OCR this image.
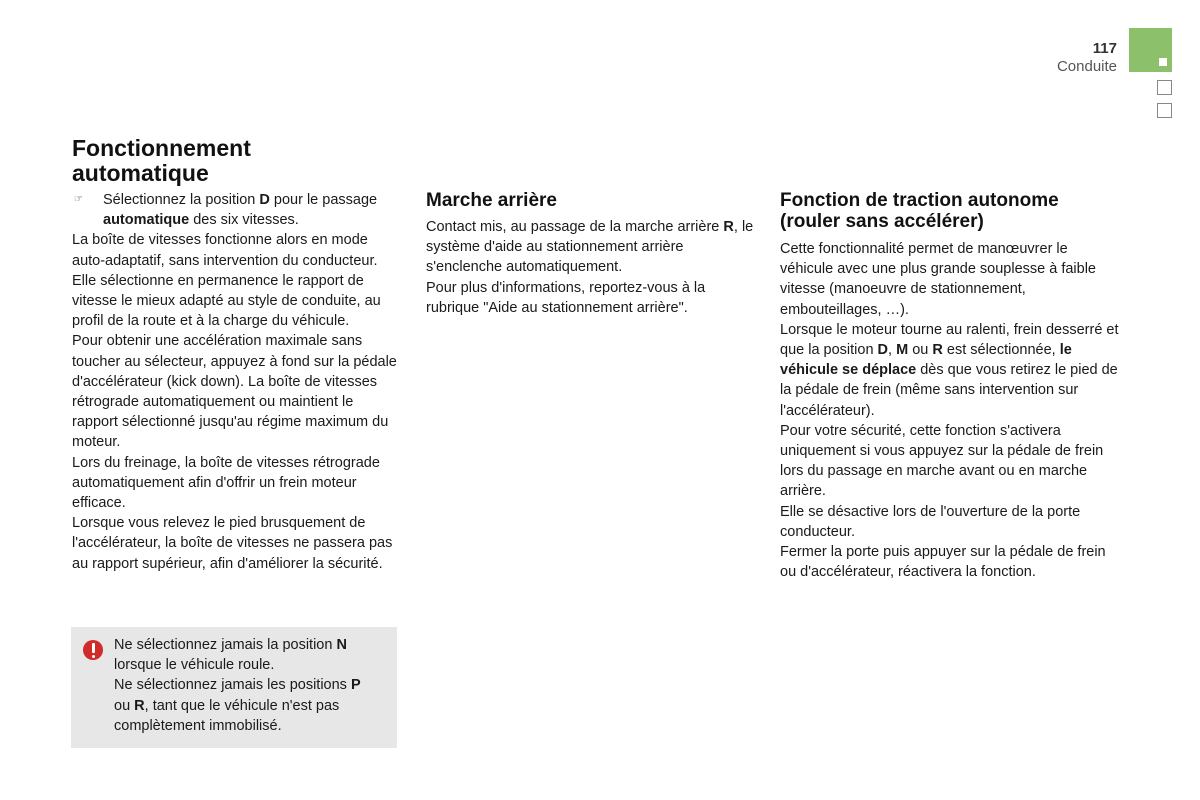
117
Conduite
Fonctionnement
automatique
☞	Sélectionnez la position D pour le passage automatique des six vitesses.

La boîte de vitesses fonctionne alors en mode auto-adaptatif, sans intervention du conducteur. Elle sélectionne en permanence le rapport de vitesse le mieux adapté au style de conduite, au profil de la route et à la charge du véhicule.

Pour obtenir une accélération maximale sans toucher au sélecteur, appuyez à fond sur la pédale d'accélérateur (kick down). La boîte de vitesses rétrograde automatiquement ou maintient le rapport sélectionné jusqu'au régime maximum du moteur.

Lors du freinage, la boîte de vitesses rétrograde automatiquement afin d'offrir un frein moteur efficace.

Lorsque vous relevez le pied brusquement de l'accélérateur, la boîte de vitesses ne passera pas au rapport supérieur, afin d'améliorer la sécurité.

Ne sélectionnez jamais la position N
lorsque le véhicule roule.
Ne sélectionnez jamais les positions P
ou R, tant que le véhicule n'est pas complètement immobilisé.
Marche arrière

Contact mis, au passage de la marche arrière R, le système d'aide au stationnement arrière s'enclenche automatiquement.

Pour plus d'informations, reportez-vous à la rubrique "Aide au stationnement arrière".

Fonction de traction autonome
(rouler sans accélérer)

Cette fonctionnalité permet de manœuvrer le véhicule avec une plus grande souplesse à faible vitesse (manoeuvre de stationnement, embouteillages, …).

Lorsque le moteur tourne au ralenti, frein desserré et que la position D, M ou R est sélectionnée, le véhicule se déplace dès que vous retirez le pied de la pédale de frein (même sans intervention sur l'accélérateur).

Pour votre sécurité, cette fonction s'activera uniquement si vous appuyez sur la pédale de frein lors du passage en marche avant ou en marche arrière.

Elle se désactive lors de l'ouverture de la porte conducteur.

Fermer la porte puis appuyer sur la pédale de frein ou d'accélérateur, réactivera la fonction.
